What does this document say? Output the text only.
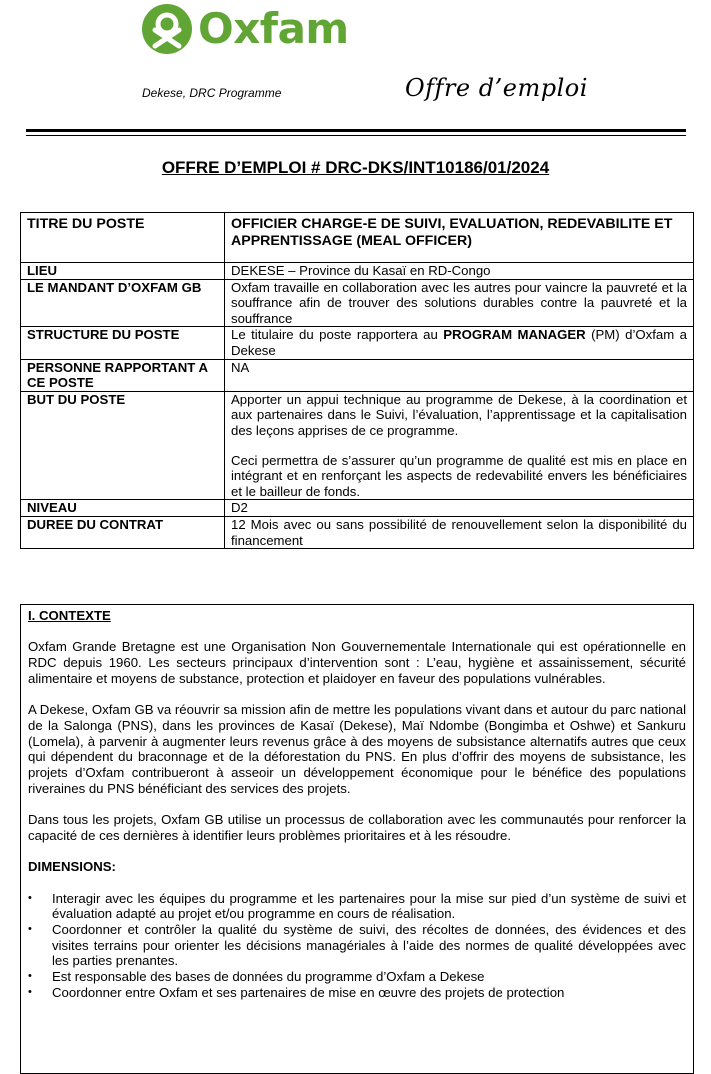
Oxfam
Dekese, DRC Programme	Offre d’emploi
OFFRE D’EMPLOI # DRC-DKS/INT10186/01/2024
TITRE DU POSTE	OFFICIER CHARGE-E DE SUIVI, EVALUATION, REDEVABILITE ET APPRENTISSAGE (MEAL OFFICER)
LIEU	DEKESE – Province du Kasaï en RD-Congo
LE MANDANT D’OXFAM GB	Oxfam travaille en collaboration avec les autres pour vaincre la pauvreté et la souffrance afin de trouver des solutions durables contre la pauvreté et la souffrance
STRUCTURE DU POSTE	Le titulaire du poste rapportera au PROGRAM MANAGER (PM) d’Oxfam a Dekese
PERSONNE RAPPORTANT A CE POSTE	NA
BUT DU POSTE	Apporter un appui technique au programme de Dekese, à la coordination et aux partenaires dans le Suivi, l’évaluation, l’apprentissage et la capitalisation des leçons apprises de ce programme.
Ceci permettra de s’assurer qu’un programme de qualité est mis en place en intégrant et en renforçant les aspects de redevabilité envers les bénéficiaires et le bailleur de fonds.

NIVEAU	D2
DUREE DU CONTRAT	12 Mois avec ou sans possibilité de renouvellement selon la disponibilité du financement
I. CONTEXTE

Oxfam Grande Bretagne est une Organisation Non Gouvernementale Internationale qui est opérationnelle en RDC depuis 1960. Les secteurs principaux d’intervention sont : L’eau, hygiène et assainissement, sécurité alimentaire et moyens de substance, protection et plaidoyer en faveur des populations vulnérables.

A Dekese, Oxfam GB va réouvrir sa mission afin de mettre les populations vivant dans et autour du parc national de la Salonga (PNS), dans les provinces de Kasaï (Dekese), Maï Ndombe (Bongimba et Oshwe) et Sankuru (Lomela), à parvenir à augmenter leurs revenus grâce à des moyens de subsistance alternatifs autres que ceux qui dépendent du braconnage et de la déforestation du PNS. En plus d’offrir des moyens de subsistance, les projets d’Oxfam contribueront à asseoir un développement économique pour le bénéfice des populations riveraines du PNS bénéficiant des services des projets.

Dans tous les projets, Oxfam GB utilise un processus de collaboration avec les communautés pour renforcer la capacité de ces dernières à identifier leurs problèmes prioritaires et à les résoudre.

DIMENSIONS:
• Interagir avec les équipes du programme et les partenaires pour la mise sur pied d’un système de suivi et évaluation adapté au projet et/ou programme en cours de réalisation.
• Coordonner et contrôler la qualité du système de suivi, des récoltes de données, des évidences et des visites terrains pour orienter les décisions managériales à l’aide des normes de qualité développées avec les parties prenantes.
• Est responsable des bases de données du programme d’Oxfam a Dekese
• Coordonner entre Oxfam et ses partenaires de mise en œuvre des projets de protection
